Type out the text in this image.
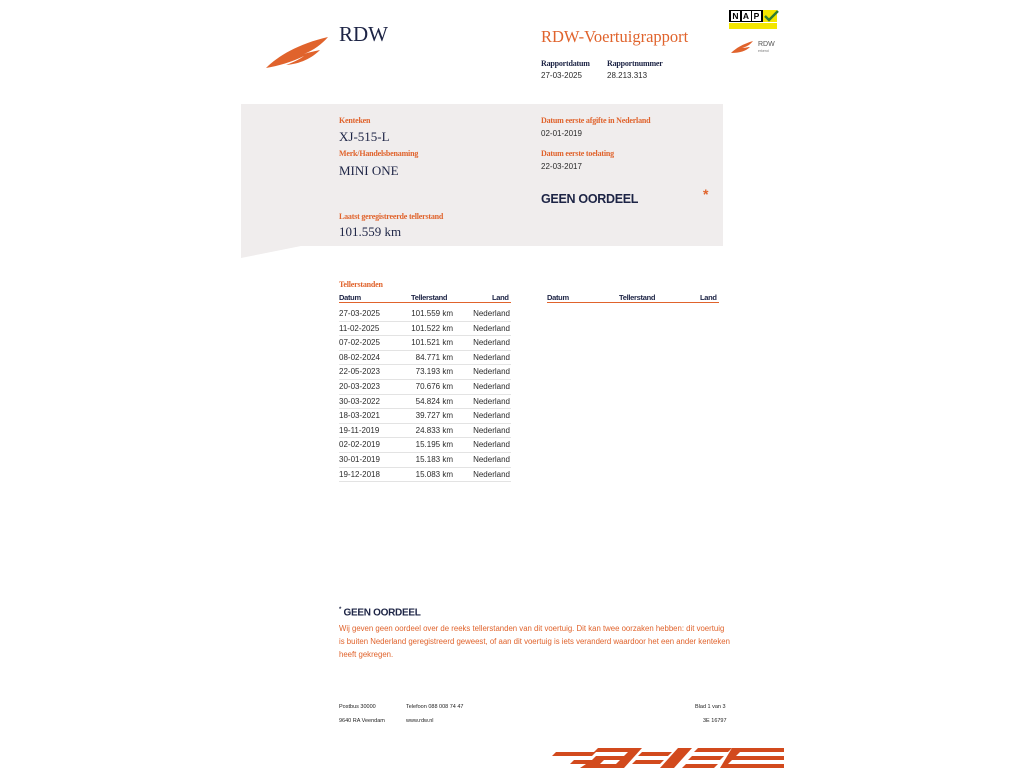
RDW	RDW-Voertuigrapport
Rapportdatum
27-03-2025
Rapportnummer
28.213.313
N A P
RDW
erkend
Kenteken
XJ-515-L
Merk/Handelsbenaming
MINI ONE
Datum eerste afgifte in Nederland
02-01-2019
Datum eerste toelating
22-03-2017
GEEN OORDEEL	*
Laatst geregistreerde tellerstand
101.559 km
Tellerstanden
Datum	Tellerstand	Land	Datum	Tellerstand	Land
27-03-2025	101.559 km	Nederland
11-02-2025	101.522 km	Nederland
07-02-2025	101.521 km	Nederland
08-02-2024	84.771 km	Nederland
22-05-2023	73.193 km	Nederland
20-03-2023	70.676 km	Nederland
30-03-2022	54.824 km	Nederland
18-03-2021	39.727 km	Nederland
19-11-2019	24.833 km	Nederland
02-02-2019	15.195 km	Nederland
30-01-2019	15.183 km	Nederland
19-12-2018	15.083 km	Nederland
* GEEN OORDEEL
Wij geven geen oordeel over de reeks tellerstanden van dit voertuig. Dit kan twee oorzaken hebben: dit voertuig is buiten Nederland geregistreerd geweest, of aan dit voertuig is iets veranderd waardoor het een ander kenteken heeft gekregen.
Postbus 30000
9640 RA Veendam
Telefoon 088 008 74 47
www.rdw.nl
Blad 1 van 3
3E 16797
